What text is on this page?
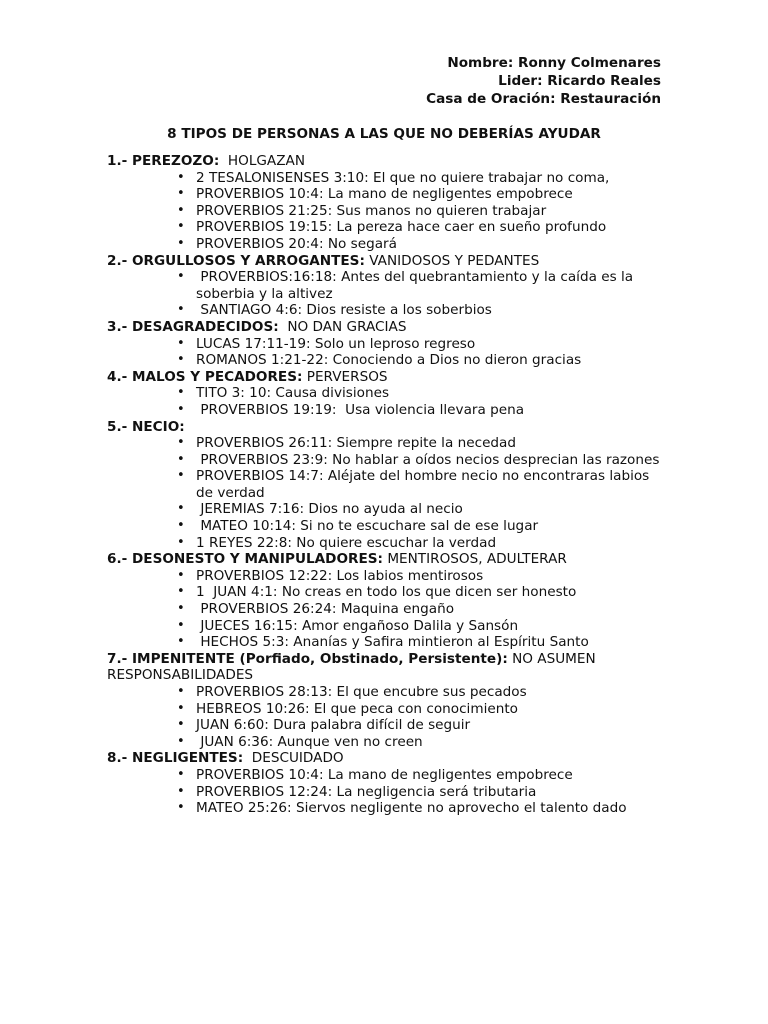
Nombre: Ronny Colmenares
Lider: Ricardo Reales
Casa de Oración: Restauración
8 TIPOS DE PERSONAS A LAS QUE NO DEBERÍAS AYUDAR
1.- PEREZOZO:  HOLGAZAN
• 2 TESALONISENSES 3:10: El que no quiere trabajar no coma,
• PROVERBIOS 10:4: La mano de negligentes empobrece
• PROVERBIOS 21:25: Sus manos no quieren trabajar
• PROVERBIOS 19:15: La pereza hace caer en sueño profundo
• PROVERBIOS 20:4: No segará
2.- ORGULLOSOS Y ARROGANTES: VANIDOSOS Y PEDANTES
• PROVERBIOS:16:18: Antes del quebrantamiento y la caída es la soberbia y la altivez
• SANTIAGO 4:6: Dios resiste a los soberbios
3.- DESAGRADECIDOS:  NO DAN GRACIAS
• LUCAS 17:11-19: Solo un leproso regreso
• ROMANOS 1:21-22: Conociendo a Dios no dieron gracias
4.- MALOS Y PECADORES: PERVERSOS
• TITO 3: 10: Causa divisiones
• PROVERBIOS 19:19:  Usa violencia llevara pena
5.- NECIO:
• PROVERBIOS 26:11: Siempre repite la necedad
• PROVERBIOS 23:9: No hablar a oídos necios desprecian las razones
• PROVERBIOS 14:7: Aléjate del hombre necio no encontraras labios de verdad
• JEREMIAS 7:16: Dios no ayuda al necio
• MATEO 10:14: Si no te escuchare sal de ese lugar
• 1 REYES 22:8: No quiere escuchar la verdad
6.- DESONESTO Y MANIPULADORES: MENTIROSOS, ADULTERAR
• PROVERBIOS 12:22: Los labios mentirosos
• 1  JUAN 4:1: No creas en todo los que dicen ser honesto
• PROVERBIOS 26:24: Maquina engaño
• JUECES 16:15: Amor engañoso Dalila y Sansón
• HECHOS 5:3: Ananías y Safira mintieron al Espíritu Santo
7.- IMPENITENTE (Porfiado, Obstinado, Persistente): NO ASUMEN RESPONSABILIDADES
• PROVERBIOS 28:13: El que encubre sus pecados
• HEBREOS 10:26: El que peca con conocimiento
• JUAN 6:60: Dura palabra difícil de seguir
• JUAN 6:36: Aunque ven no creen
8.- NEGLIGENTES:  DESCUIDADO
• PROVERBIOS 10:4: La mano de negligentes empobrece
• PROVERBIOS 12:24: La negligencia será tributaria
• MATEO 25:26: Siervos negligente no aprovecho el talento dado
